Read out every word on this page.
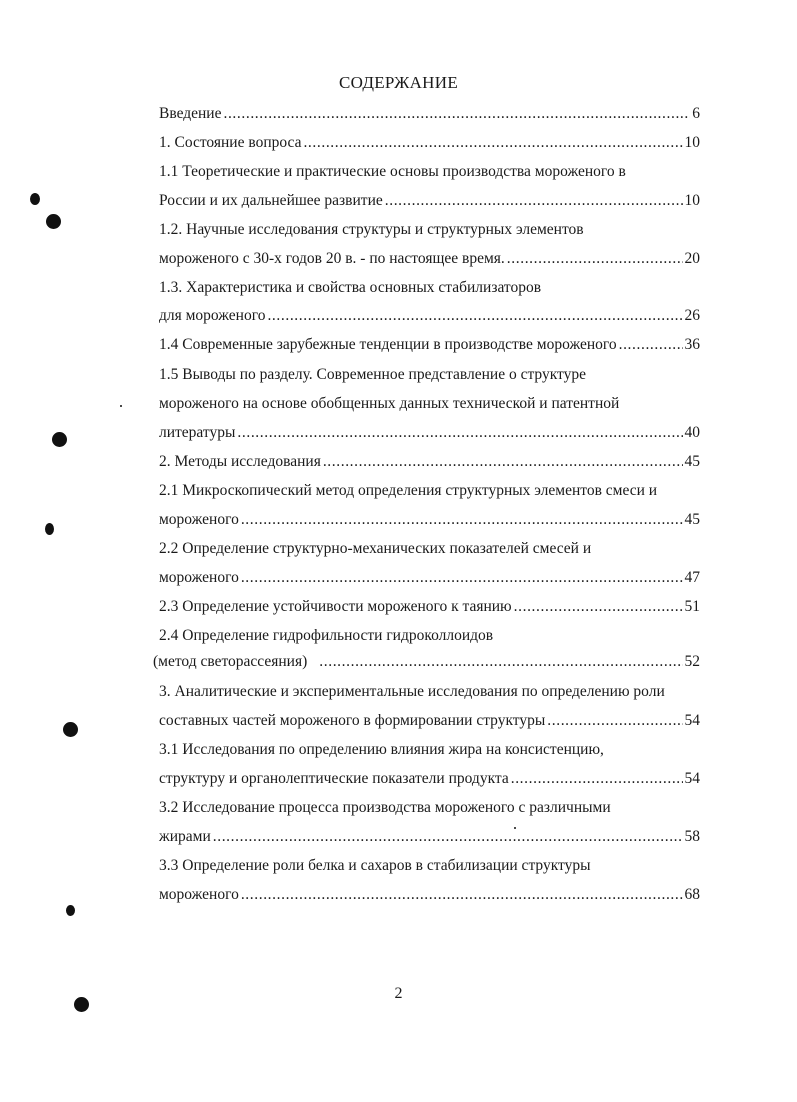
СОДЕРЖАНИЕ
Введение .....	6
1. Состояние вопроса .....	10
1.1 Теоретические и практические основы производства мороженого в
России и их дальнейшее развитие .....	10
1.2. Научные исследования структуры и структурных элементов
мороженого с 30-х годов 20 в. - по настоящее время. .....	20
1.3. Характеристика и свойства основных стабилизаторов
для мороженого .....	26
1.4 Современные зарубежные тенденции в производстве мороженого .....	36
1.5 Выводы по разделу. Современное представление о структуре
мороженого на основе обобщенных данных технической и патентной
литературы .....	40
2. Методы исследования .....	45
2.1 Микроскопический метод определения структурных элементов смеси и
мороженого .....	45
2.2 Определение структурно-механических показателей смесей и
мороженого .....	47
2.3 Определение устойчивости мороженого к таянию .....	51
2.4 Определение гидрофильности гидроколлоидов
(метод светорассеяния) .....	52
3. Аналитические и экспериментальные исследования по определению роли
составных частей мороженого в формировании структуры .....	54
3.1 Исследования по определению влияния жира на консистенцию,
структуру и органолептические показатели продукта .....	54
3.2 Исследование процесса производства мороженого с различными
жирами .....	58
3.3 Определение роли белка и сахаров в стабилизации структуры
мороженого .....	68
2
